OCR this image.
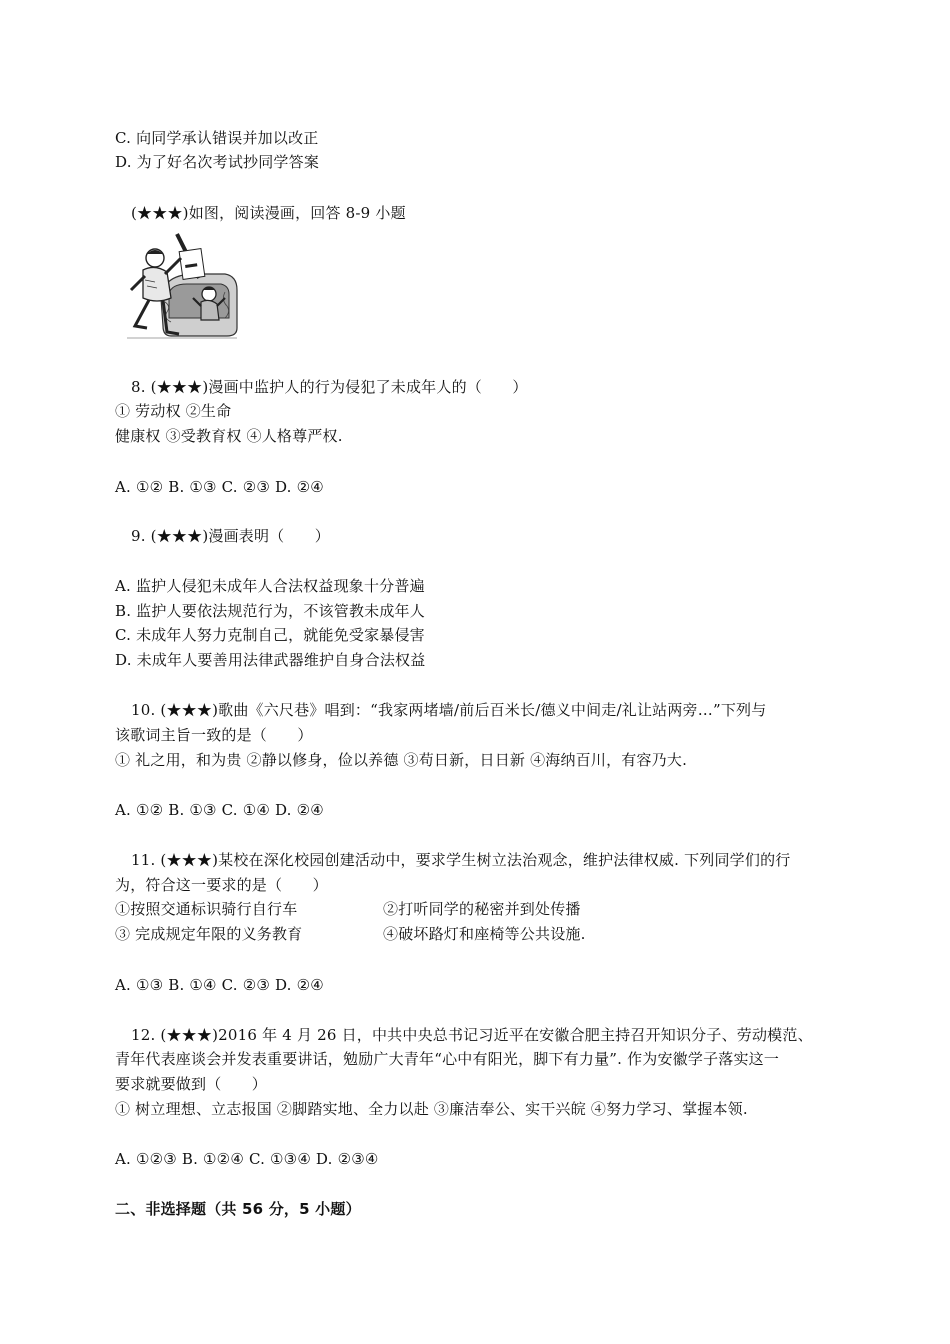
C. 向同学承认错误并加以改正
D. 为了好名次考试抄同学答案
(★★★)如图，阅读漫画，回答 8-9 小题
8. (★★★)漫画中监护人的行为侵犯了未成年人的（　　）
① 劳动权 ②生命
健康权 ③受教育权 ④人格尊严权.
A. ①② B. ①③ C. ②③ D. ②④
9. (★★★)漫画表明（　　）
A. 监护人侵犯未成年人合法权益现象十分普遍
B. 监护人要依法规范行为，不该管教未成年人
C. 未成年人努力克制自己，就能免受家暴侵害
D. 未成年人要善用法律武器维护自身合法权益
10. (★★★)歌曲《六尺巷》唱到：“我家两堵墙/前后百米长/德义中间走/礼让站两旁…”下列与
该歌词主旨一致的是（　　）
① 礼之用，和为贵 ②静以修身，俭以养德 ③苟日新，日日新 ④海纳百川，有容乃大.
A. ①② B. ①③ C. ①④ D. ②④
11. (★★★)某校在深化校园创建活动中，要求学生树立法治观念，维护法律权威. 下列同学们的行
为，符合这一要求的是（　　）
①按照交通标识骑行自行车	②打听同学的秘密并到处传播
③ 完成规定年限的义务教育	④破坏路灯和座椅等公共设施.
A. ①③ B. ①④ C. ②③ D. ②④
12. (★★★)2016 年 4 月 26 日，中共中央总书记习近平在安徽合肥主持召开知识分子、劳动模范、
青年代表座谈会并发表重要讲话，勉励广大青年“心中有阳光，脚下有力量”. 作为安徽学子落实这一
要求就要做到（　　）
① 树立理想、立志报国 ②脚踏实地、全力以赴 ③廉洁奉公、实干兴皖 ④努力学习、掌握本领.
A. ①②③ B. ①②④ C. ①③④ D. ②③④
二、非选择题（共 56 分，5 小题）
